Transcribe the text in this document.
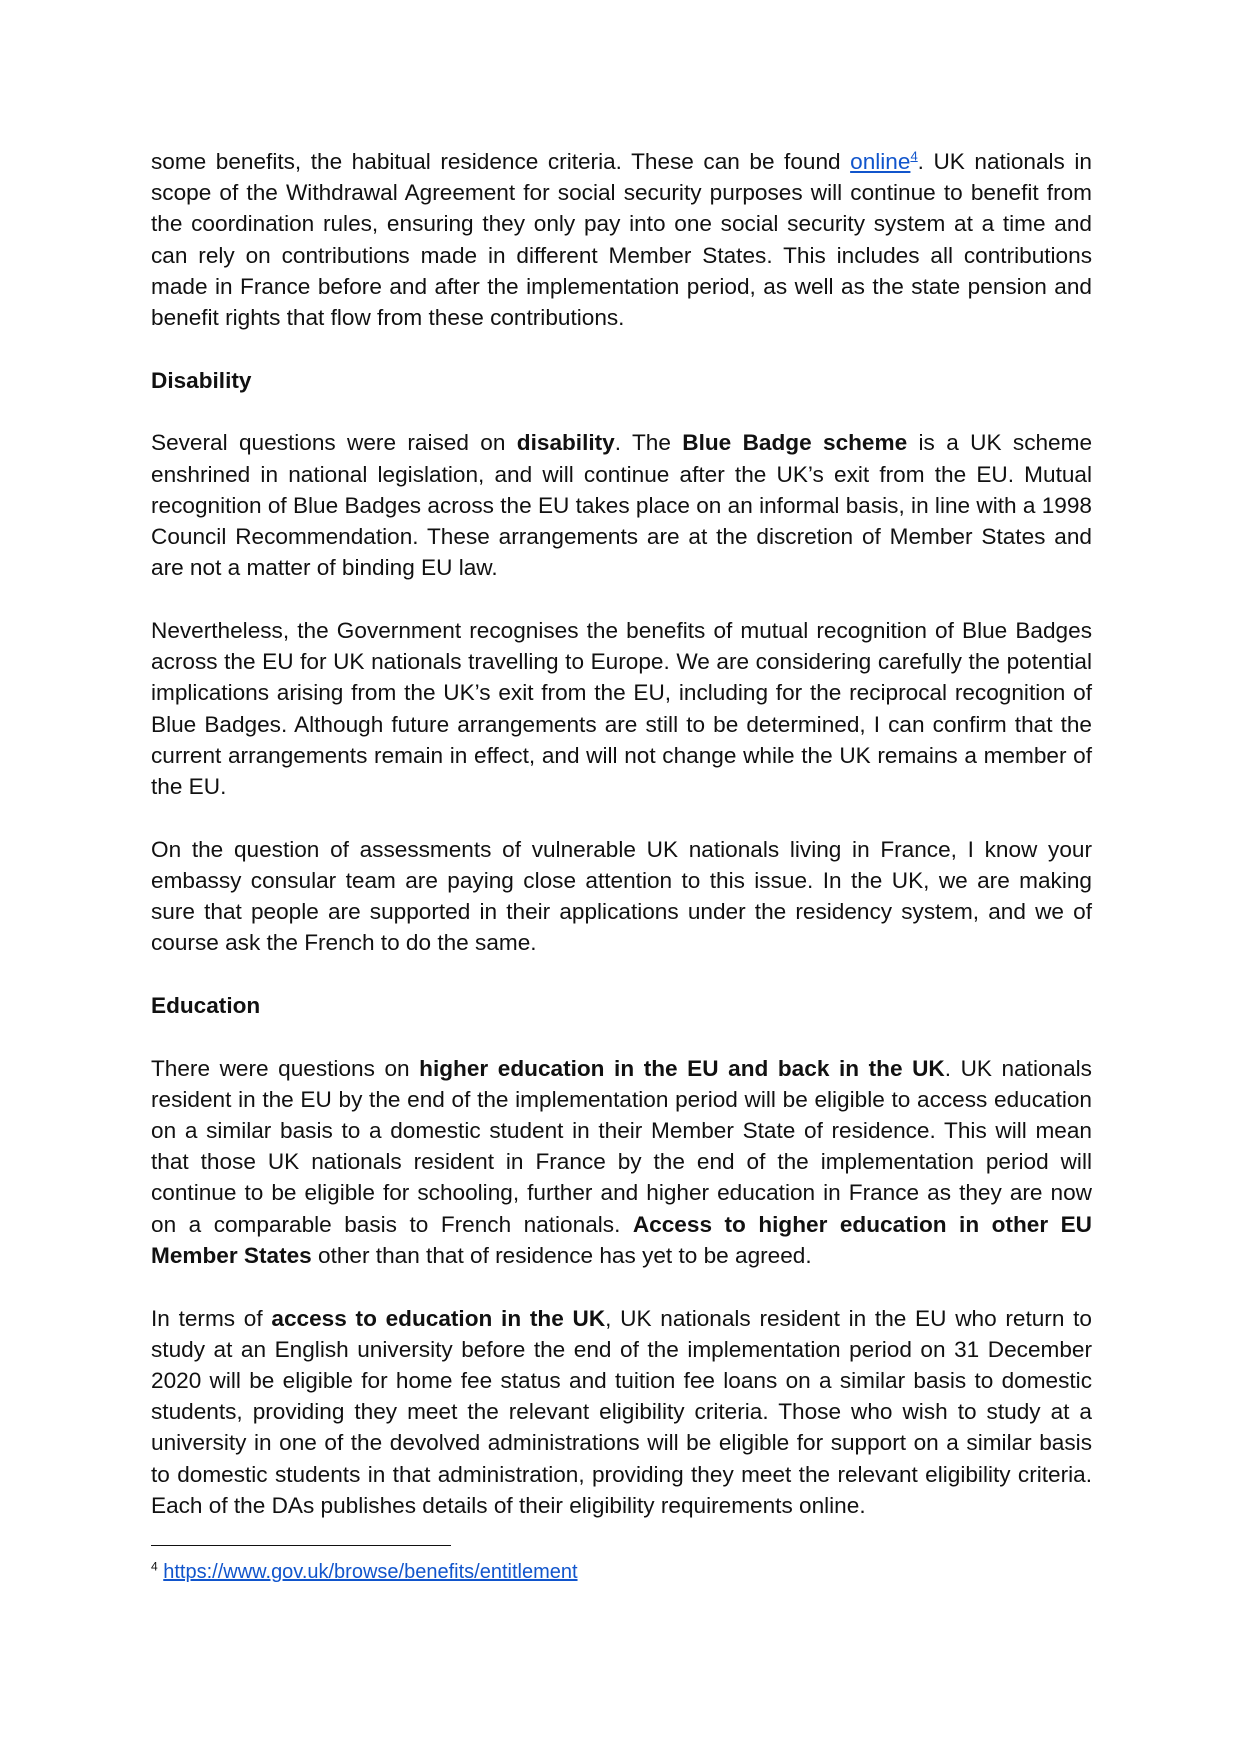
some benefits, the habitual residence criteria. These can be found online$^4$. UK nationals in scope of the Withdrawal Agreement for social security purposes will continue to benefit from the coordination rules, ensuring they only pay into one social security system at a time and can rely on contributions made in different Member States. This includes all contributions made in France before and after the implementation period, as well as the state pension and benefit rights that flow from these contributions.

Disability

Several questions were raised on disability. The Blue Badge scheme is a UK scheme enshrined in national legislation, and will continue after the UK’s exit from the EU. Mutual recognition of Blue Badges across the EU takes place on an informal basis, in line with a 1998 Council Recommendation. These arrangements are at the discretion of Member States and are not a matter of binding EU law.

Nevertheless, the Government recognises the benefits of mutual recognition of Blue Badges across the EU for UK nationals travelling to Europe. We are considering carefully the potential implications arising from the UK’s exit from the EU, including for the reciprocal recognition of Blue Badges. Although future arrangements are still to be determined, I can confirm that the current arrangements remain in effect, and will not change while the UK remains a member of the EU.

On the question of assessments of vulnerable UK nationals living in France, I know your embassy consular team are paying close attention to this issue. In the UK, we are making sure that people are supported in their applications under the residency system, and we of course ask the French to do the same.

Education

There were questions on higher education in the EU and back in the UK. UK nationals resident in the EU by the end of the implementation period will be eligible to access education on a similar basis to a domestic student in their Member State of residence. This will mean that those UK nationals resident in France by the end of the implementation period will continue to be eligible for schooling, further and higher education in France as they are now on a comparable basis to French nationals. Access to higher education in other EU Member States other than that of residence has yet to be agreed.

In terms of access to education in the UK, UK nationals resident in the EU who return to study at an English university before the end of the implementation period on 31 December 2020 will be eligible for home fee status and tuition fee loans on a similar basis to domestic students, providing they meet the relevant eligibility criteria. Those who wish to study at a university in one of the devolved administrations will be eligible for support on a similar basis to domestic students in that administration, providing they meet the relevant eligibility criteria. Each of the DAs publishes details of their eligibility requirements online.

$^4$ https://www.gov.uk/browse/benefits/entitlement
